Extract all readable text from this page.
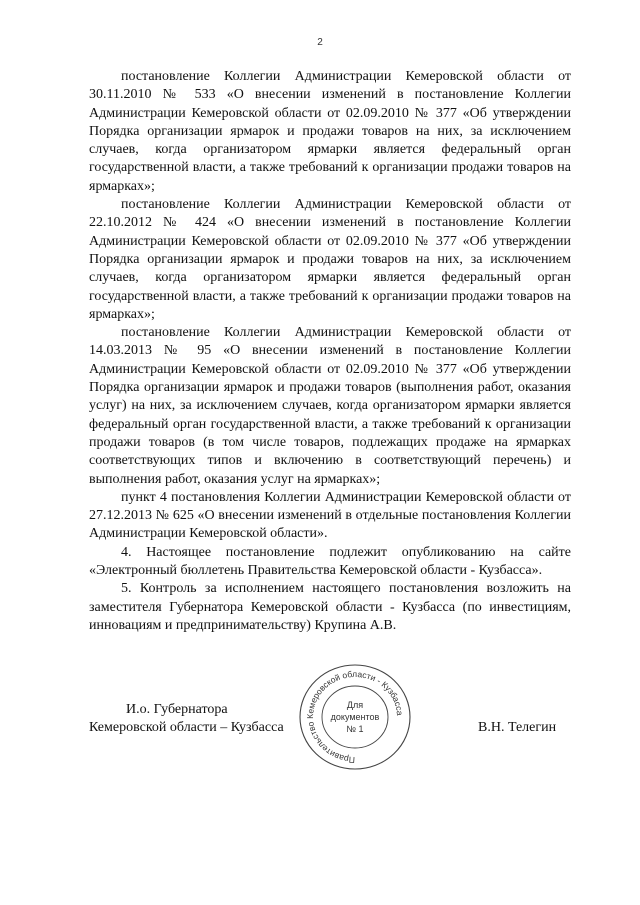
2

постановление Коллегии Администрации Кемеровской области от 30.11.2010 № 533 «О внесении изменений в постановление Коллегии Администрации Кемеровской области от 02.09.2010 № 377 «Об утверждении Порядка организации ярмарок и продажи товаров на них, за исключением случаев, когда организатором ярмарки является федеральный орган государственной власти, а также требований к организации продажи товаров на ярмарках»;

постановление Коллегии Администрации Кемеровской области от 22.10.2012 № 424 «О внесении изменений в постановление Коллегии Администрации Кемеровской области от 02.09.2010 № 377 «Об утверждении Порядка организации ярмарок и продажи товаров на них, за исключением случаев, когда организатором ярмарки является федеральный орган государственной власти, а также требований к организации продажи товаров на ярмарках»;

постановление Коллегии Администрации Кемеровской области от 14.03.2013 № 95 «О внесении изменений в постановление Коллегии Администрации Кемеровской области от 02.09.2010 № 377 «Об утверждении Порядка организации ярмарок и продажи товаров (выполнения работ, оказания услуг) на них, за исключением случаев, когда организатором ярмарки является федеральный орган государственной власти, а также требований к организации продажи товаров (в том числе товаров, подлежащих продаже на ярмарках соответствующих типов и включению в соответствующий перечень) и выполнения работ, оказания услуг на ярмарках»;

пункт 4 постановления Коллегии Администрации Кемеровской области от 27.12.2013 № 625 «О внесении изменений в отдельные постановления Коллегии Администрации Кемеровской области».

4. Настоящее постановление подлежит опубликованию на сайте «Электронный бюллетень Правительства Кемеровской области - Кузбасса».

5. Контроль за исполнением настоящего постановления возложить на заместителя Губернатора Кемеровской области - Кузбасса (по инвестициям, инновациям и предпринимательству) Крупина А.В.

Правительство Кемеровской области - Кузбасса
Для
документов
№ 1
И.о. Губернатора
Кемеровской области – Кузбасса	В.Н. Телегин
